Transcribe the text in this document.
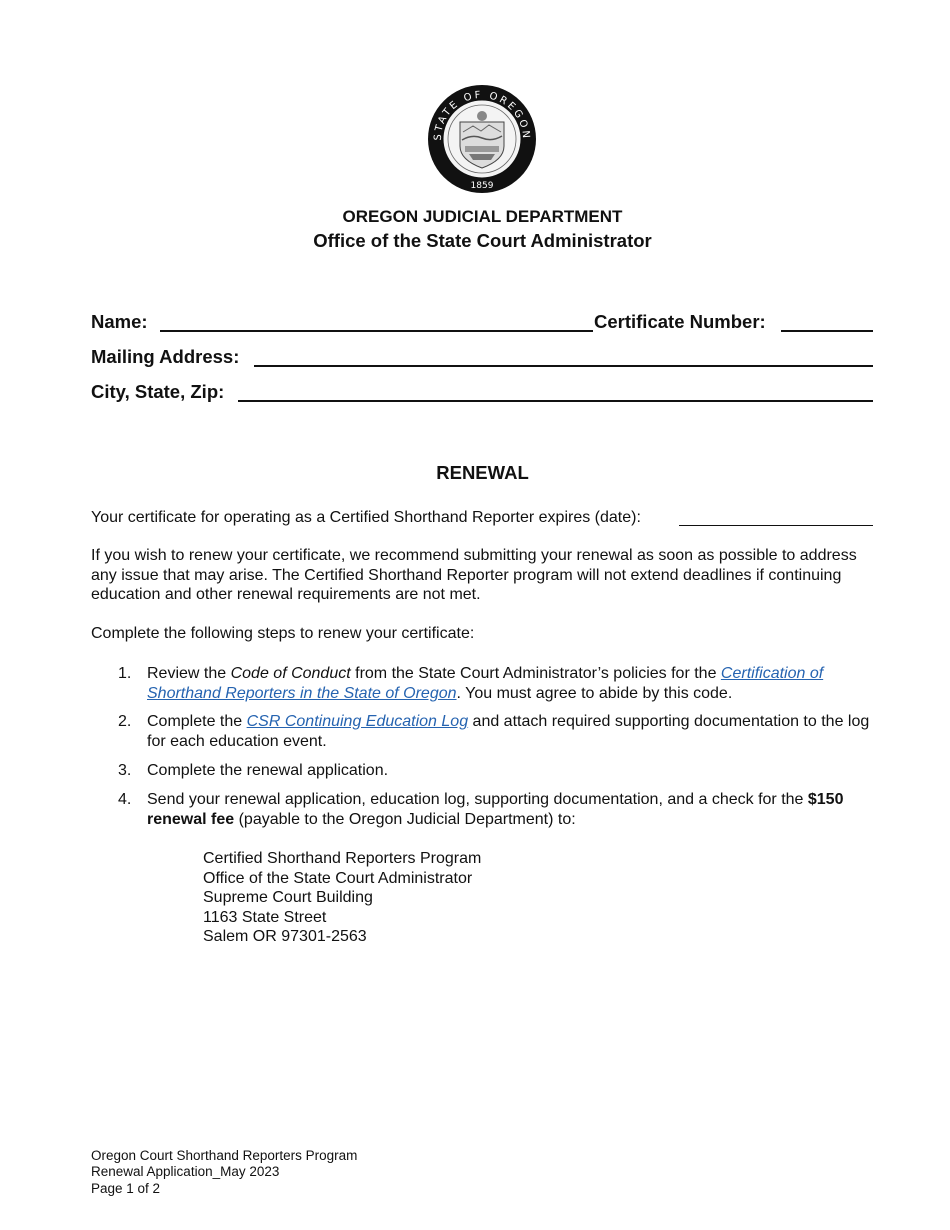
STATE OF OREGON
1859
OREGON JUDICIAL DEPARTMENT
Office of the State Court Administrator
Name:	Certificate Number:
Mailing Address:
City, State, Zip:
RENEWAL
Your certificate for operating as a Certified Shorthand Reporter expires (date):
If you wish to renew your certificate, we recommend submitting your renewal as soon as possible to address any issue that may arise. The Certified Shorthand Reporter program will not extend deadlines if continuing education and other renewal requirements are not met.
Complete the following steps to renew your certificate:
1. Review the Code of Conduct from the State Court Administrator’s policies for the Certification of Shorthand Reporters in the State of Oregon. You must agree to abide by this code.
2. Complete the CSR Continuing Education Log and attach required supporting documentation to the log for each education event.
3. Complete the renewal application.
4. Send your renewal application, education log, supporting documentation, and a check for the $150 renewal fee (payable to the Oregon Judicial Department) to:
Certified Shorthand Reporters Program
Office of the State Court Administrator
Supreme Court Building
1163 State Street
Salem OR 97301-2563
Oregon Court Shorthand Reporters Program
Renewal Application_May 2023
Page 1 of 2
